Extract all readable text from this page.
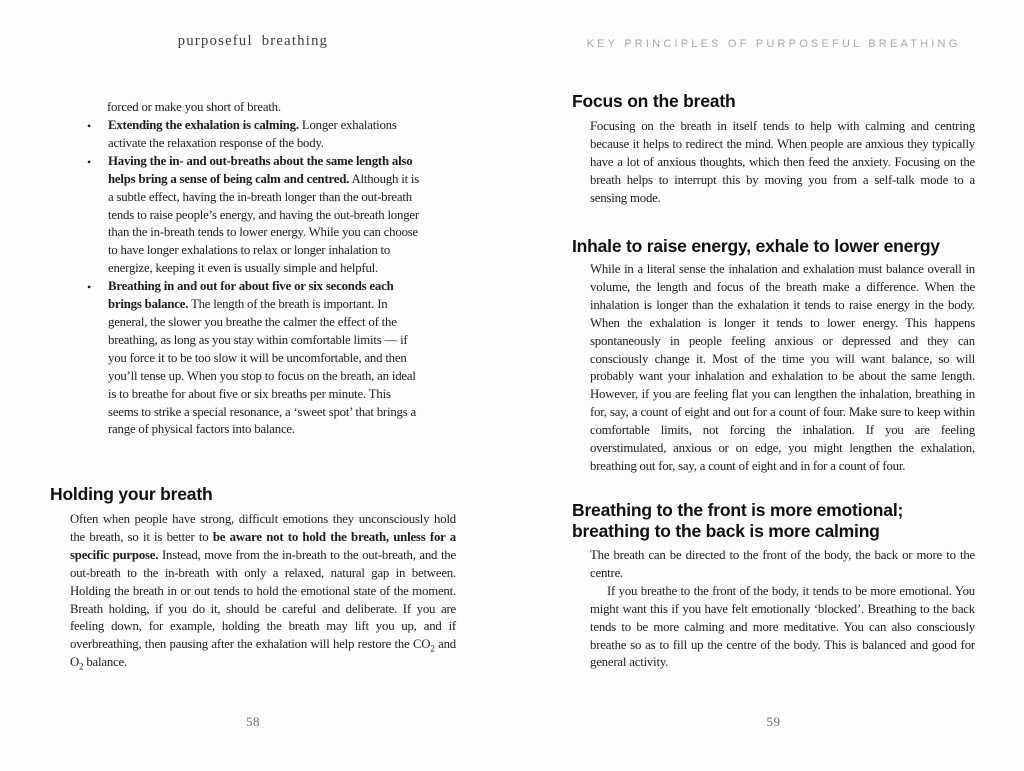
purposeful breathing
forced or make you short of breath.
• Extending the exhalation is calming. Longer exhalations activate the relaxation response of the body.
• Having the in- and out-breaths about the same length also helps bring a sense of being calm and centred. Although it is a subtle effect, having the in-breath longer than the out-breath tends to raise people’s energy, and having the out-breath longer than the in-breath tends to lower energy. While you can choose to have longer exhalations to relax or longer inhalation to energize, keeping it even is usually simple and helpful.
• Breathing in and out for about five or six seconds each brings balance. The length of the breath is important. In general, the slower you breathe the calmer the effect of the breathing, as long as you stay within comfortable limits — if you force it to be too slow it will be uncomfortable, and then you’ll tense up. When you stop to focus on the breath, an ideal is to breathe for about five or six breaths per minute. This seems to strike a special resonance, a ‘sweet spot’ that brings a range of physical factors into balance.
Holding your breath
Often when people have strong, difficult emotions they unconsciously hold the breath, so it is better to be aware not to hold the breath, unless for a specific purpose. Instead, move from the in-breath to the out-breath, and the out-breath to the in-breath with only a relaxed, natural gap in between. Holding the breath in or out tends to hold the emotional state of the moment. Breath holding, if you do it, should be careful and deliberate. If you are feeling down, for example, holding the breath may lift you up, and if overbreathing, then pausing after the exhalation will help restore the $CO_2$ and $O_2$ balance.
58
KEY PRINCIPLES OF PURPOSEFUL BREATHING
Focus on the breath

Focusing on the breath in itself tends to help with calming and centring because it helps to redirect the mind. When people are anxious they typically have a lot of anxious thoughts, which then feed the anxiety. Focusing on the breath helps to interrupt this by moving you from a self-talk mode to a sensing mode.

Inhale to raise energy, exhale to lower energy

While in a literal sense the inhalation and exhalation must balance overall in volume, the length and focus of the breath make a difference. When the inhalation is longer than the exhalation it tends to raise energy in the body. When the exhalation is longer it tends to lower energy. This happens spontaneously in people feeling anxious or depressed and they can consciously change it. Most of the time you will want balance, so will probably want your inhalation and exhalation to be about the same length. However, if you are feeling flat you can lengthen the inhalation, breathing in for, say, a count of eight and out for a count of four. Make sure to keep within comfortable limits, not forcing the inhalation. If you are feeling overstimulated, anxious or on edge, you might lengthen the exhalation, breathing out for, say, a count of eight and in for a count of four.

Breathing to the front is more emotional; breathing to the back is more calming

The breath can be directed to the front of the body, the back or more to the centre.

If you breathe to the front of the body, it tends to be more emotional. You might want this if you have felt emotionally ‘blocked’. Breathing to the back tends to be more calming and more meditative. You can also consciously breathe so as to fill up the centre of the body. This is balanced and good for general activity.

59
